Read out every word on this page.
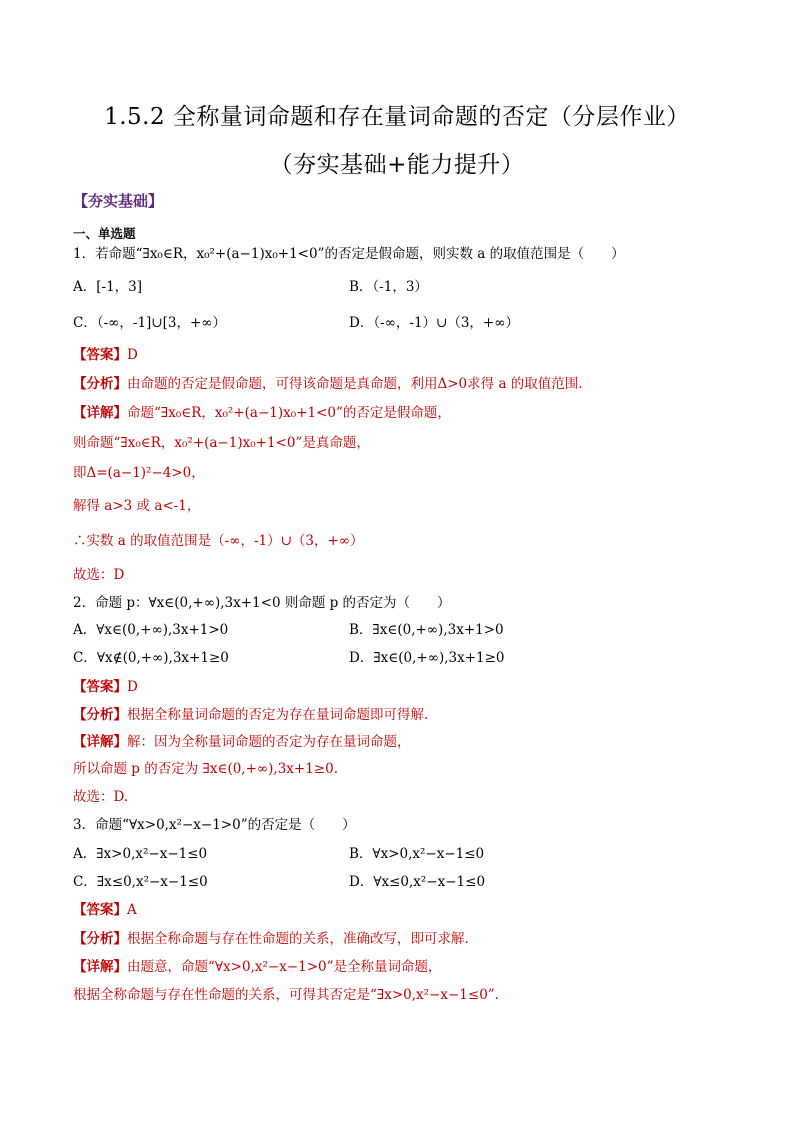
1.5.2 全称量词命题和存在量词命题的否定（分层作业）
（夯实基础+能力提升）
【夯实基础】
一、单选题
1．若命题“∃x₀∈R，x₀²+(a−1)x₀+1<0”的否定是假命题，则实数 a 的取值范围是（　　）
A．[-1，3]	B．（-1，3）
C．（-∞，-1]∪[3，+∞）	D．（-∞，-1）∪（3，+∞）
【答案】D
【分析】由命题的否定是假命题，可得该命题是真命题，利用Δ>0求得 a 的取值范围.
【详解】命题“∃x₀∈R，x₀²+(a−1)x₀+1<0”的否定是假命题，
则命题“∃x₀∈R，x₀²+(a−1)x₀+1<0”是真命题，
即Δ=(a−1)²−4>0，
解得 a>3 或 a<-1，
∴实数 a 的取值范围是（-∞，-1）∪（3，+∞）
故选：D
2．命题 p：∀x∈(0,+∞),3x+1<0 则命题 p 的否定为（　　）
A．∀x∈(0,+∞),3x+1>0	B．∃x∈(0,+∞),3x+1>0
C．∀x∉(0,+∞),3x+1≥0	D．∃x∈(0,+∞),3x+1≥0
【答案】D
【分析】根据全称量词命题的否定为存在量词命题即可得解.
【详解】解：因为全称量词命题的否定为存在量词命题，
所以命题 p 的否定为 ∃x∈(0,+∞),3x+1≥0.
故选：D.
3．命题“∀x>0,x²−x−1>0”的否定是（　　）
A．∃x>0,x²−x−1≤0	B．∀x>0,x²−x−1≤0
C．∃x≤0,x²−x−1≤0	D．∀x≤0,x²−x−1≤0
【答案】A
【分析】根据全称命题与存在性命题的关系，准确改写，即可求解.
【详解】由题意，命题“∀x>0,x²−x−1>0”是全称量词命题，
根据全称命题与存在性命题的关系，可得其否定是“∃x>0,x²−x−1≤0”.
